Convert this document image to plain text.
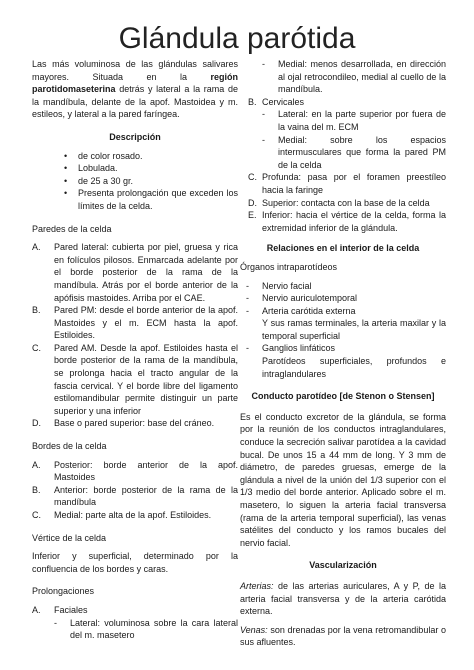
Glándula parótida

Las más voluminosa de las glándulas salivares mayores. Situada en la región parotidomaseterina detrás y lateral a la rama de la mandíbula, delante de la apof. Mastoidea y m. estileos, y lateral a la pared faríngea.

Descripción

• de color rosado.

• Lobulada.

• de 25 a 30 gr.

• Presenta prolongación que exceden los límites de la celda.

Paredes de la celda

A. Pared lateral: cubierta por piel, gruesa y rica en folículos pilosos. Enmarcada adelante por el borde posterior de la rama de la mandíbula. Atrás por el borde anterior de la apófisis mastoides. Arriba por el CAE.

B. Pared PM: desde el borde anterior de la apof. Mastoides y el m. ECM hasta la apof. Estiloides.

C. Pared AM. Desde la apof. Estiloides hasta el borde posterior de la rama de la mandíbula, se prolonga hacia el tracto angular de la fascia cervical. Y el borde libre del ligamento estilomandibular permite distinguir un parte superior y una inferior

D. Base o pared superior: base del cráneo.

Bordes de la celda

A. Posterior: borde anterior de la apof. Mastoides

B. Anterior: borde posterior de la rama de la mandíbula

C. Medial: parte alta de la apof. Estiloides.

Vértice de la celda

Inferior y superficial, determinado por la confluencia de los bordes y caras.

Prolongaciones

A. Faciales

- Lateral: voluminosa sobre la cara lateral del m. masetero

- Medial: menos desarrollada, en dirección al ojal retrocondileo, medial al cuello de la mandíbula.

B. Cervicales

- Lateral: en la parte superior por fuera de la vaina del m. ECM

- Medial: sobre los espacios intermusculares que forma la pared PM de la celda

C. Profunda: pasa por el foramen preestíleo hacia la faringe

D. Superior: contacta con la base de la celda

E. Inferior: hacia el vértice de la celda, forma la extremidad inferior de la glándula.

Relaciones en el interior de la celda

Órganos intraparotídeos

- Nervio facial

- Nervio auriculotemporal

- Arteria carótida externa

Y sus ramas terminales, la arteria maxilar y la temporal superficial

- Ganglios linfáticos

Parotídeos superficiales, profundos e intraglandulares

Conducto parotídeo [de Stenon o Stensen]

Es el conducto excretor de la glándula, se forma por la reunión de los conductos intraglandulares, conduce la secreción salivar parotídea a la cavidad bucal. De unos 15 a 44 mm de long. Y 3 mm de diámetro, de paredes gruesas, emerge de la glándula a nivel de la unión del 1/3 superior con el 1/3 medio del borde anterior. Aplicado sobre el m. masetero, lo siguen la arteria facial transversa (rama de la arteria temporal superficial), las venas satélites del conducto y los ramos bucales del nervio facial.

Vascularización

Arterias: de las arterias auriculares, A y P, de la arteria facial transversa y de la arteria carótida externa.

Venas: son drenadas por la vena retromandibular o sus afluentes.
